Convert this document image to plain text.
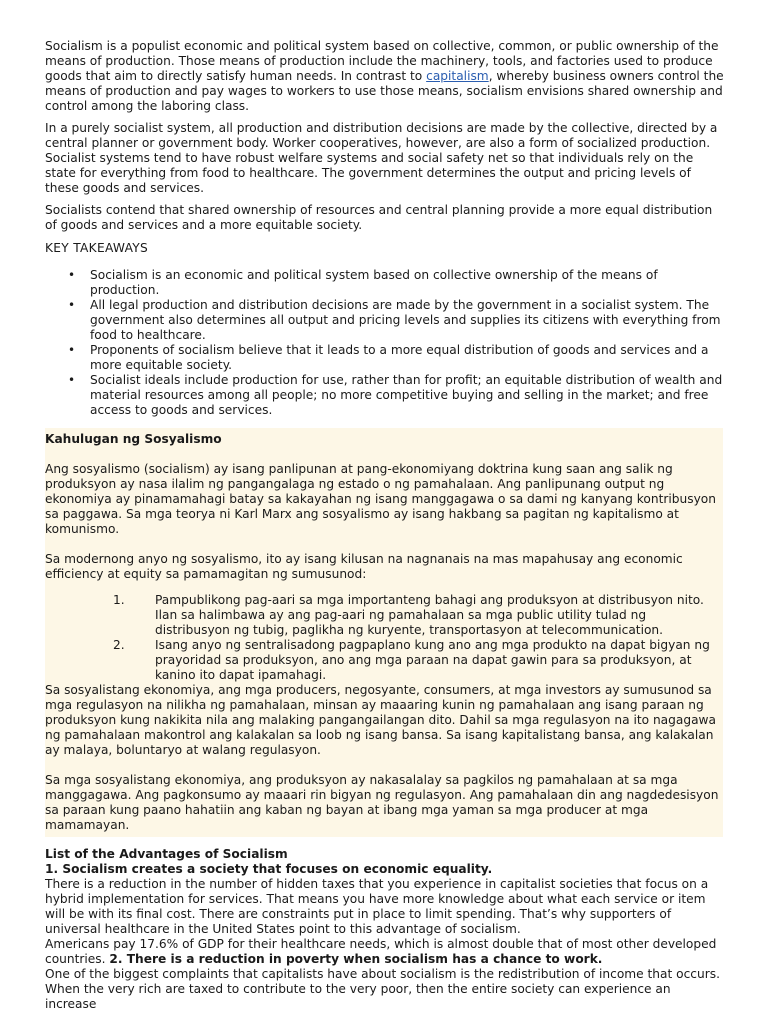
Socialism is a populist economic and political system based on collective, common, or public ownership of the means of production. Those means of production include the machinery, tools, and factories used to produce goods that aim to directly satisfy human needs. In contrast to capitalism, whereby business owners control the means of production and pay wages to workers to use those means, socialism envisions shared ownership and control among the laboring class.

In a purely socialist system, all production and distribution decisions are made by the collective, directed by a central planner or government body. Worker cooperatives, however, are also a form of socialized production. Socialist systems tend to have robust welfare systems and social safety net so that individuals rely on the state for everything from food to healthcare. The government determines the output and pricing levels of these goods and services.

Socialists contend that shared ownership of resources and central planning provide a more equal distribution of goods and services and a more equitable society.

KEY TAKEAWAYS
• Socialism is an economic and political system based on collective ownership of the means of production.
• All legal production and distribution decisions are made by the government in a socialist system. The government also determines all output and pricing levels and supplies its citizens with everything from food to healthcare.
• Proponents of socialism believe that it leads to a more equal distribution of goods and services and a more equitable society.
• Socialist ideals include production for use, rather than for profit; an equitable distribution of wealth and material resources among all people; no more competitive buying and selling in the market; and free access to goods and services.
Kahulugan ng Sosyalismo

Ang sosyalismo (socialism) ay isang panlipunan at pang-ekonomiyang doktrina kung saan ang salik ng produksyon ay nasa ilalim ng pangangalaga ng estado o ng pamahalaan. Ang panlipunang output ng ekonomiya ay pinamamahagi batay sa kakayahan ng isang manggagawa o sa dami ng kanyang kontribusyon sa paggawa. Sa mga teorya ni Karl Marx ang sosyalismo ay isang hakbang sa pagitan ng kapitalismo at komunismo.

Sa modernong anyo ng sosyalismo, ito ay isang kilusan na nagnanais na mas mapahusay ang economic efficiency at equity sa pamamagitan ng sumusunod:

1. Pampublikong pag-aari sa mga importanteng bahagi ang produksyon at distribusyon nito. Ilan sa halimbawa ay ang pag-aari ng pamahalaan sa mga public utility tulad ng distribusyon ng tubig, paglikha ng kuryente, transportasyon at telecommunication.
2. Isang anyo ng sentralisadong pagpaplano kung ano ang mga produkto na dapat bigyan ng prayoridad sa produksyon, ano ang mga paraan na dapat gawin para sa produksyon, at kanino ito dapat ipamahagi.

Sa sosyalistang ekonomiya, ang mga producers, negosyante, consumers, at mga investors ay sumusunod sa mga regulasyon na nilikha ng pamahalaan, minsan ay maaaring kunin ng pamahalaan ang isang paraan ng produksyon kung nakikita nila ang malaking pangangailangan dito. Dahil sa mga regulasyon na ito nagagawa ng pamahalaan makontrol ang kalakalan sa loob ng isang bansa. Sa isang kapitalistang bansa, ang kalakalan ay malaya, boluntaryo at walang regulasyon.

Sa mga sosyalistang ekonomiya, ang produksyon ay nakasalalay sa pagkilos ng pamahalaan at sa mga manggagawa. Ang pagkonsumo ay maaari rin bigyan ng regulasyon. Ang pamahalaan din ang nagdedesisyon sa paraan kung paano hahatiin ang kaban ng bayan at ibang mga yaman sa mga producer at mga mamamayan.

List of the Advantages of Socialism
1. Socialism creates a society that focuses on economic equality.

There is a reduction in the number of hidden taxes that you experience in capitalist societies that focus on a hybrid implementation for services. That means you have more knowledge about what each service or item will be with its final cost. There are constraints put in place to limit spending. That’s why supporters of universal healthcare in the United States point to this advantage of socialism.

Americans pay 17.6% of GDP for their healthcare needs, which is almost double that of most other developed countries. 2. There is a reduction in poverty when socialism has a chance to work.

One of the biggest complaints that capitalists have about socialism is the redistribution of income that occurs. When the very rich are taxed to contribute to the very poor, then the entire society can experience an increase
